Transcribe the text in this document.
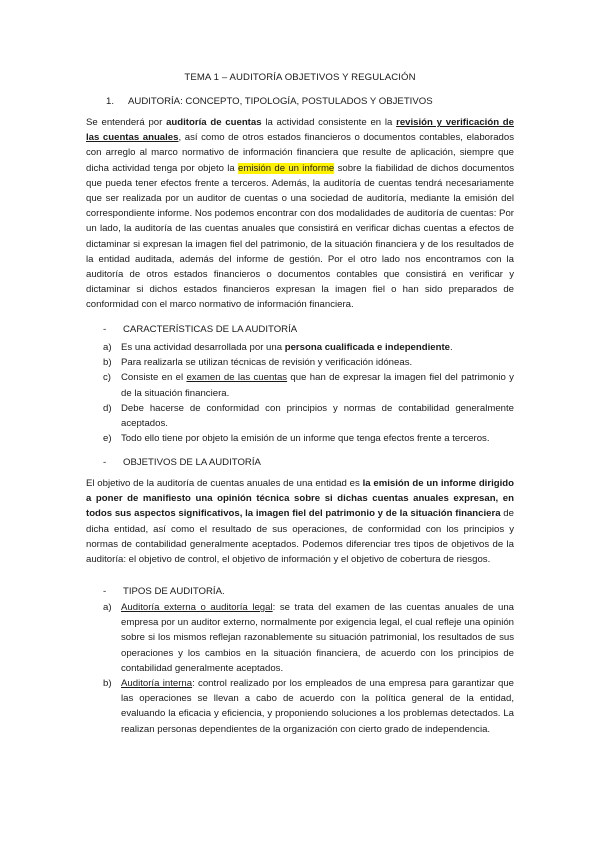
TEMA 1 – AUDITORÍA OBJETIVOS Y REGULACIÓN
1. AUDITORÍA: CONCEPTO, TIPOLOGÍA, POSTULADOS Y OBJETIVOS

Se entenderá por auditoría de cuentas la actividad consistente en la revisión y verificación de las cuentas anuales, así como de otros estados financieros o documentos contables, elaborados con arreglo al marco normativo de información financiera que resulte de aplicación, siempre que dicha actividad tenga por objeto la emisión de un informe sobre la fiabilidad de dichos documentos que pueda tener efectos frente a terceros. Además, la auditoría de cuentas tendrá necesariamente que ser realizada por un auditor de cuentas o una sociedad de auditoría, mediante la emisión del correspondiente informe. Nos podemos encontrar con dos modalidades de auditoría de cuentas: Por un lado, la auditoría de las cuentas anuales que consistirá en verificar dichas cuentas a efectos de dictaminar si expresan la imagen fiel del patrimonio, de la situación financiera y de los resultados de la entidad auditada, además del informe de gestión. Por el otro lado nos encontramos con la auditoría de otros estados financieros o documentos contables que consistirá en verificar y dictaminar si dichos estados financieros expresan la imagen fiel o han sido preparados de conformidad con el marco normativo de información financiera.

- CARACTERÍSTICAS DE LA AUDITORÍA
a) Es una actividad desarrollada por una persona cualificada e independiente.
b) Para realizarla se utilizan técnicas de revisión y verificación idóneas.
c) Consiste en el examen de las cuentas que han de expresar la imagen fiel del patrimonio y de la situación financiera.
d) Debe hacerse de conformidad con principios y normas de contabilidad generalmente aceptados.
e) Todo ello tiene por objeto la emisión de un informe que tenga efectos frente a terceros.
- OBJETIVOS DE LA AUDITORÍA

El objetivo de la auditoría de cuentas anuales de una entidad es la emisión de un informe dirigido a poner de manifiesto una opinión técnica sobre si dichas cuentas anuales expresan, en todos sus aspectos significativos, la imagen fiel del patrimonio y de la situación financiera de dicha entidad, así como el resultado de sus operaciones, de conformidad con los principios y normas de contabilidad generalmente aceptados. Podemos diferenciar tres tipos de objetivos de la auditoría: el objetivo de control, el objetivo de información y el objetivo de cobertura de riesgos.

- TIPOS DE AUDITORÍA.
a) Auditoría externa o auditoría legal: se trata del examen de las cuentas anuales de una empresa por un auditor externo, normalmente por exigencia legal, el cual refleje una opinión sobre si los mismos reflejan razonablemente su situación patrimonial, los resultados de sus operaciones y los cambios en la situación financiera, de acuerdo con los principios de contabilidad generalmente aceptados.
b) Auditoría interna: control realizado por los empleados de una empresa para garantizar que las operaciones se llevan a cabo de acuerdo con la política general de la entidad, evaluando la eficacia y eficiencia, y proponiendo soluciones a los problemas detectados. La realizan personas dependientes de la organización con cierto grado de independencia.
